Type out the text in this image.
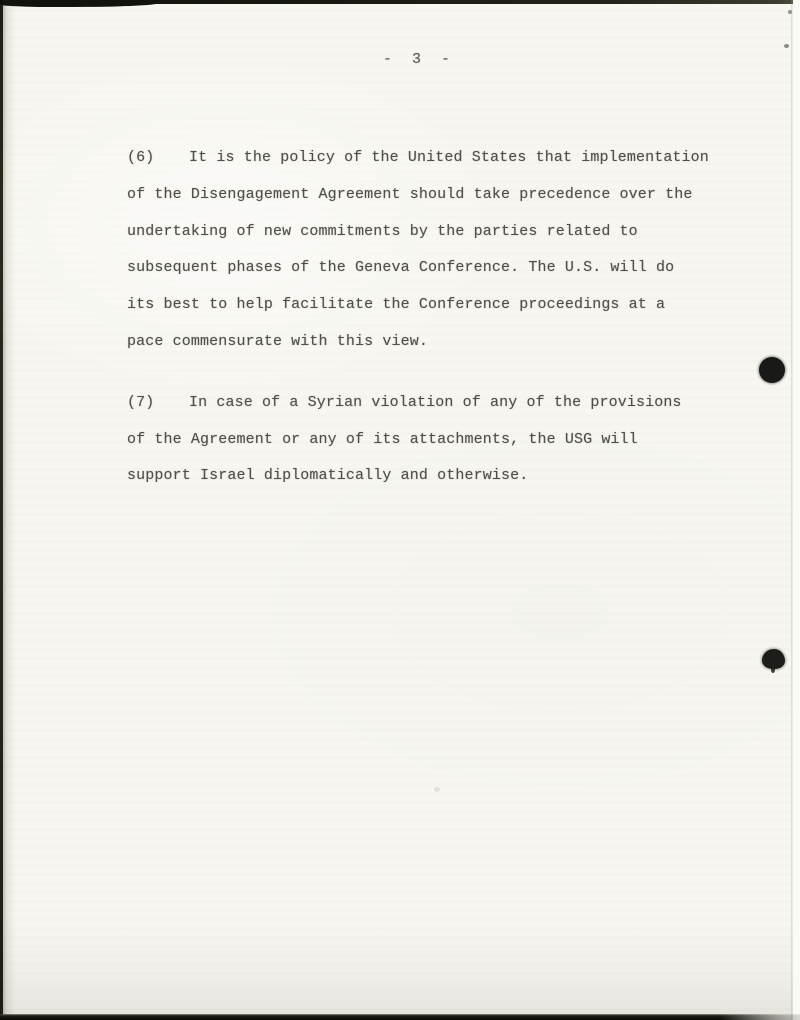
- 3 -
(6) It is the policy of the United States that implementation
of the Disengagement Agreement should take precedence over the
undertaking of new commitments by the parties related to
subsequent phases of the Geneva Conference. The U.S. will do
its best to help facilitate the Conference proceedings at a
pace commensurate with this view.
(7) In case of a Syrian violation of any of the provisions
of the Agreement or any of its attachments, the USG will
support Israel diplomatically and otherwise.
